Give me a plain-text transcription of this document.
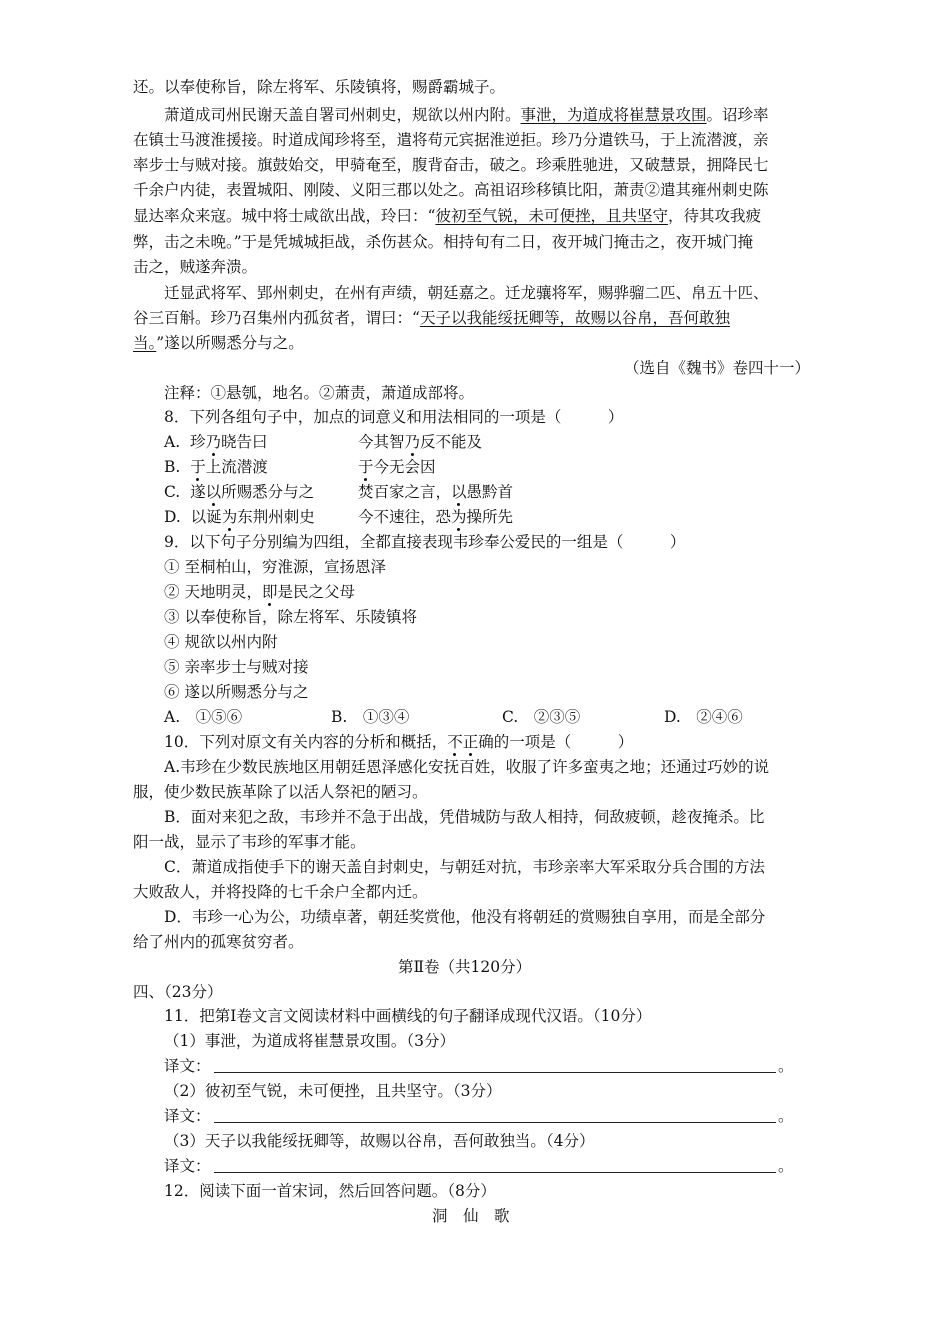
还。以奉使称旨，除左将军、乐陵镇将，赐爵霸城子。
萧道成司州民谢天盖自署司州刺史，规欲以州内附。事泄，为道成将崔慧景攻围。诏珍率
在镇士马渡淮援接。时道成闻珍将至，遣将苟元宾据淮逆拒。珍乃分遣铁马，于上流潜渡，亲
率步士与贼对接。旗鼓始交，甲骑奄至，腹背奋击，破之。珍乘胜驰进，又破慧景，拥降民七
千余户内徒，表置城阳、刚陵、义阳三郡以处之。高祖诏珍移镇比阳，萧责②遣其雍州刺史陈
显达率众来寇。城中将士咸欲出战，玲曰：“彼初至气锐，未可便挫，且共坚守，待其攻我疲
弊，击之未晚。”于是凭城城拒战，杀伤甚众。相持旬有二日，夜开城门掩击之，夜开城门掩
击之，贼遂奔溃。
迁显武将军、郢州刺史，在州有声绩，朝廷嘉之。迁龙骧将军，赐骅骝二匹、帛五十匹、
谷三百斛。珍乃召集州内孤贫者，谓曰：“天子以我能绥抚卿等，故赐以谷帛，吾何敢独
当。”遂以所赐悉分与之。
（选自《魏书》卷四十一）
注释：①悬瓠，地名。②萧责，萧道成部将。
8．下列各组句子中，加点的词意义和用法相同的一项是（　　　）
A. 珍乃晓告曰	今其智乃反不能及
B. 于上流潜渡	于今无会因
C. 遂以所赐悉分与之	焚百家之言，以愚黔首
D. 以诞为东荆州刺史	今不速往，恐为操所先
9．以下句子分别编为四组，全都直接表现韦珍奉公爱民的一组是（　　　）
① 至桐柏山，穷淮源，宣扬恩泽
② 天地明灵，即是民之父母
③ 以奉使称旨，除左将军、乐陵镇将
④ 规欲以州内附
⑤ 亲率步士与贼对接
⑥ 遂以所赐悉分与之
A.　①⑤⑥	B.　①③④	C.　②③⑤	D.　②④⑥
10．下列对原文有关内容的分析和概括，不正确的一项是（　　　）
A.韦珍在少数民族地区用朝廷恩泽感化安抚百姓，收服了许多蛮夷之地；还通过巧妙的说
服，使少数民族革除了以活人祭祀的陋习。
B．面对来犯之敌，韦珍并不急于出战，凭借城防与敌人相持，伺敌疲顿，趁夜掩杀。比
阳一战，显示了韦珍的军事才能。
C．萧道成指使手下的谢天盖自封刺史，与朝廷对抗，韦珍亲率大军采取分兵合围的方法
大败敌人，并将投降的七千余户全都内迁。
D．韦珍一心为公，功绩卓著，朝廷奖赏他，他没有将朝廷的赏赐独自享用，而是全部分
给了州内的孤寒贫穷者。
第Ⅱ卷（共120分）
四、（23分）
11．把第Ⅰ卷文言文阅读材料中画横线的句子翻译成现代汉语。（10分）
（1）事泄，为道成将崔慧景攻围。（3分）
译文：	。
（2）彼初至气锐，未可便挫，且共坚守。（3分）
译文：	。
（3）天子以我能绥抚卿等，故赐以谷帛，吾何敢独当。（4分）
译文：	。
12．阅读下面一首宋词，然后回答问题。（8分）
洞　仙　歌
